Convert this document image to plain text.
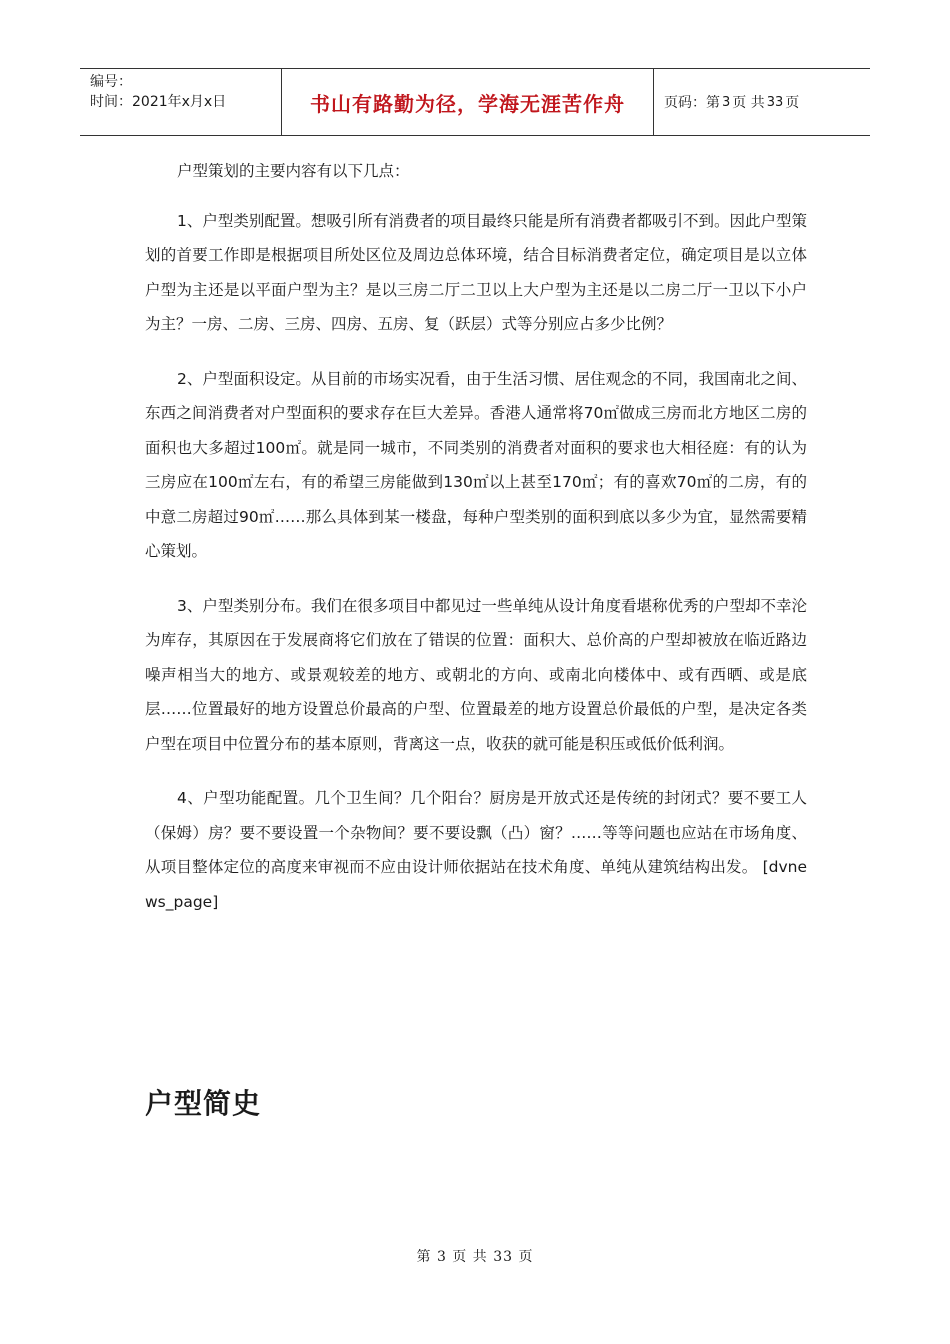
编号：
时间：2021年x月x日	书山有路勤为径，学海无涯苦作舟	页码：第 3 页 共 33 页

户型策划的主要内容有以下几点：

1、户型类别配置。想吸引所有消费者的项目最终只能是所有消费者都吸引不到。因此户型策划的首要工作即是根据项目所处区位及周边总体环境，结合目标消费者定位，确定项目是以立体户型为主还是以平面户型为主？是以三房二厅二卫以上大户型为主还是以二房二厅一卫以下小户为主？一房、二房、三房、四房、五房、复（跃层）式等分别应占多少比例？

2、户型面积设定。从目前的市场实况看，由于生活习惯、居住观念的不同，我国南北之间、东西之间消费者对户型面积的要求存在巨大差异。香港人通常将70㎡做成三房而北方地区二房的面积也大多超过100㎡。就是同一城市，不同类别的消费者对面积的要求也大相径庭：有的认为三房应在100㎡左右，有的希望三房能做到130㎡以上甚至170㎡；有的喜欢70㎡的二房，有的中意二房超过90㎡……那么具体到某一楼盘，每种户型类别的面积到底以多少为宜，显然需要精心策划。

3、户型类别分布。我们在很多项目中都见过一些单纯从设计角度看堪称优秀的户型却不幸沦为库存，其原因在于发展商将它们放在了错误的位置：面积大、总价高的户型却被放在临近路边噪声相当大的地方、或景观较差的地方、或朝北的方向、或南北向楼体中、或有西晒、或是底层……位置最好的地方设置总价最高的户型、位置最差的地方设置总价最低的户型，是决定各类户型在项目中位置分布的基本原则，背离这一点，收获的就可能是积压或低价低利润。

4、户型功能配置。几个卫生间？几个阳台？厨房是开放式还是传统的封闭式？要不要工人（保姆）房？要不要设置一个杂物间？要不要设飘（凸）窗？……等等问题也应站在市场角度、从项目整体定位的高度来审视而不应由设计师依据站在技术角度、单纯从建筑结构出发。 [dvnews_page]

户型简史
第 3 页 共 33 页
